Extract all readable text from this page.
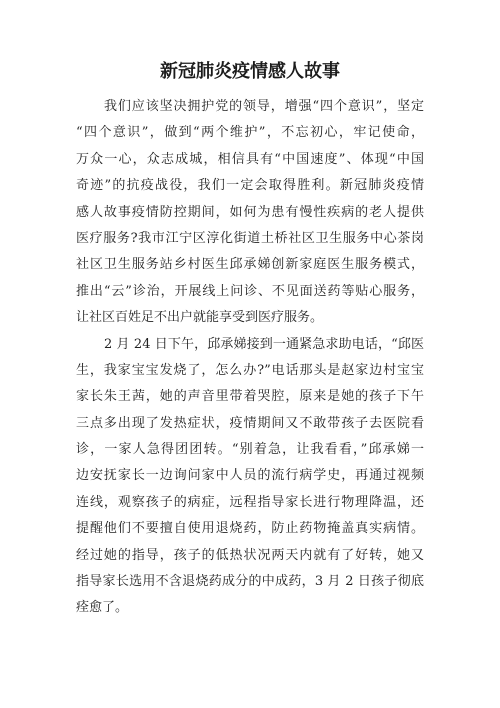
新冠肺炎疫情感人故事
我们应该坚决拥护党的领导，增强“四个意识”，坚定
“四个意识”，做到“两个维护”，不忘初心，牢记使命，
万众一心，众志成城，相信具有“中国速度”、体现“中国
奇迹”的抗疫战役，我们一定会取得胜利。新冠肺炎疫情
感人故事疫情防控期间，如何为患有慢性疾病的老人提供
医疗服务?我市江宁区淳化街道土桥社区卫生服务中心茶岗
社区卫生服务站乡村医生邱承娣创新家庭医生服务模式，
推出“云”诊治，开展线上问诊、不见面送药等贴心服务，
让社区百姓足不出户就能享受到医疗服务。
2 月 24 日下午，邱承娣接到一通紧急求助电话，“邱医
生，我家宝宝发烧了，怎么办?”电话那头是赵家边村宝宝
家长朱王茜，她的声音里带着哭腔，原来是她的孩子下午
三点多出现了发热症状，疫情期间又不敢带孩子去医院看
诊，一家人急得团团转。“别着急，让我看看，”邱承娣一
边安抚家长一边询问家中人员的流行病学史，再通过视频
连线，观察孩子的病症，远程指导家长进行物理降温，还
提醒他们不要擅自使用退烧药，防止药物掩盖真实病情。
经过她的指导，孩子的低热状况两天内就有了好转，她又
指导家长选用不含退烧药成分的中成药，3 月 2 日孩子彻底
痊愈了。
